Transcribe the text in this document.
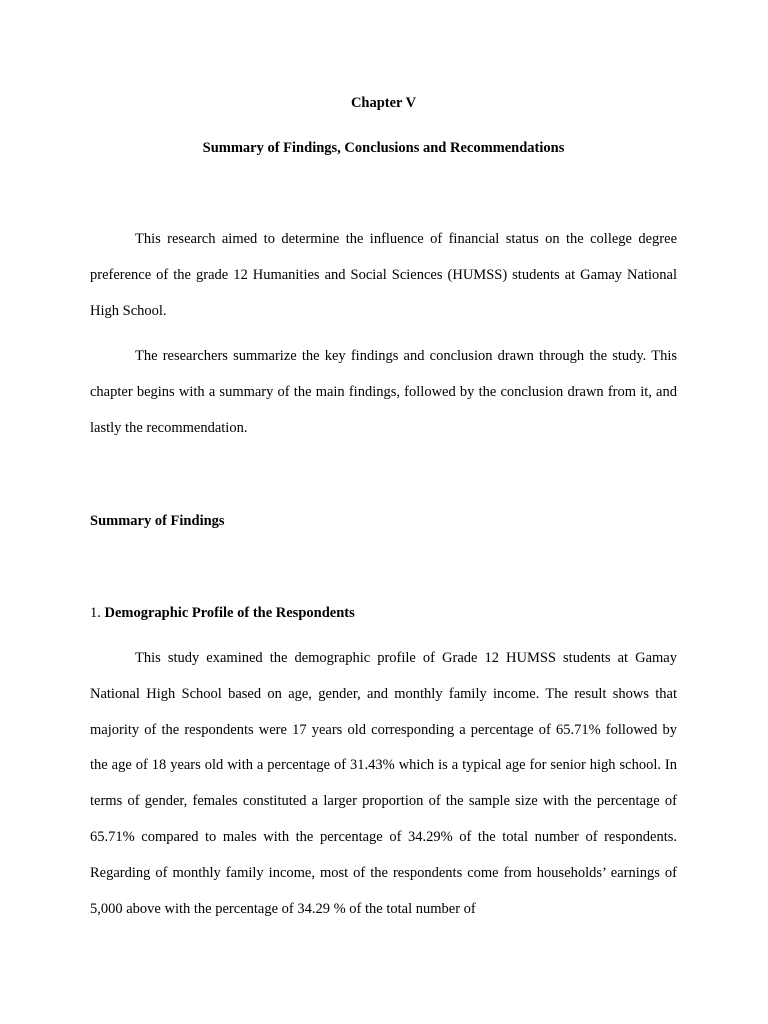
Chapter V

Summary of Findings, Conclusions and Recommendations

This research aimed to determine the influence of financial status on the college degree preference of the grade 12 Humanities and Social Sciences (HUMSS) students at Gamay National High School.

The researchers summarize the key findings and conclusion drawn through the study. This chapter begins with a summary of the main findings, followed by the conclusion drawn from it, and lastly the recommendation.

Summary of Findings

1. Demographic Profile of the Respondents

This study examined the demographic profile of Grade 12 HUMSS students at Gamay National High School based on age, gender, and monthly family income. The result shows that majority of the respondents were 17 years old corresponding a percentage of 65.71% followed by the age of 18 years old with a percentage of 31.43% which is a typical age for senior high school. In terms of gender, females constituted a larger proportion of the sample size with the percentage of 65.71% compared to males with the percentage of 34.29% of the total number of respondents. Regarding of monthly family income, most of the respondents come from households’ earnings of 5,000 above with the percentage of 34.29 % of the total number of
